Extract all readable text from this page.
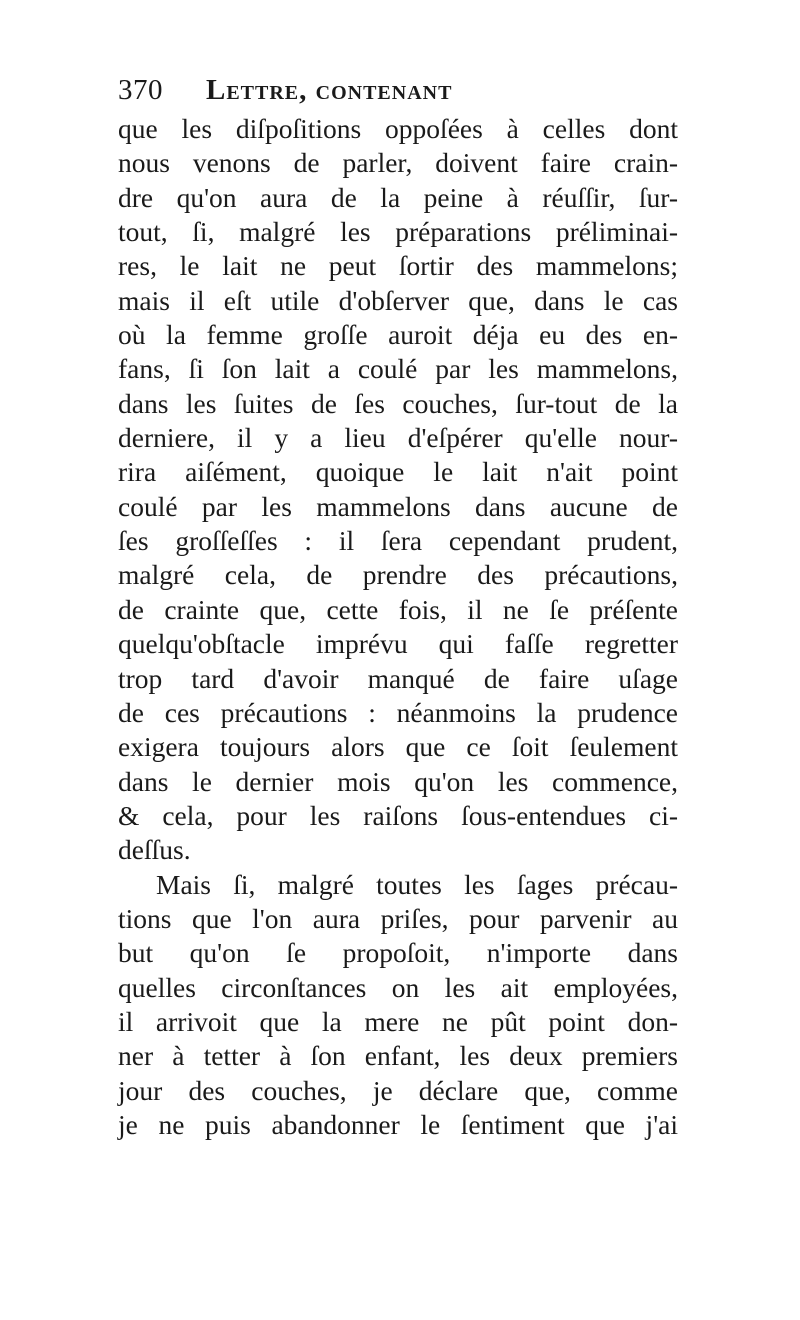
370 Lettre, contenant
que les diſpoſitions oppoſées à celles dont
nous venons de parler, doivent faire crain-
dre qu'on aura de la peine à réuſſir, ſur-
tout, ſi, malgré les préparations préliminai-
res, le lait ne peut ſortir des mammelons;
mais il eſt utile d'obſerver que, dans le cas
où la femme groſſe auroit déja eu des en-
fans, ſi ſon lait a coulé par les mammelons,
dans les ſuites de ſes couches, ſur-tout de la
derniere, il y a lieu d'eſpérer qu'elle nour-
rira aiſément, quoique le lait n'ait point
coulé par les mammelons dans aucune de
ſes groſſeſſes : il ſera cependant prudent,
malgré cela, de prendre des précautions,
de crainte que, cette fois, il ne ſe préſente
quelqu'obſtacle imprévu qui faſſe regretter
trop tard d'avoir manqué de faire uſage
de ces précautions : néanmoins la prudence
exigera toujours alors que ce ſoit ſeulement
dans le dernier mois qu'on les commence,
& cela, pour les raiſons ſous-entendues ci-
deſſus.
Mais ſi, malgré toutes les ſages précau-
tions que l'on aura priſes, pour parvenir au
but qu'on ſe propoſoit, n'importe dans
quelles circonſtances on les ait employées,
il arrivoit que la mere ne pût point don-
ner à tetter à ſon enfant, les deux premiers
jour des couches, je déclare que, comme
je ne puis abandonner le ſentiment que j'ai
